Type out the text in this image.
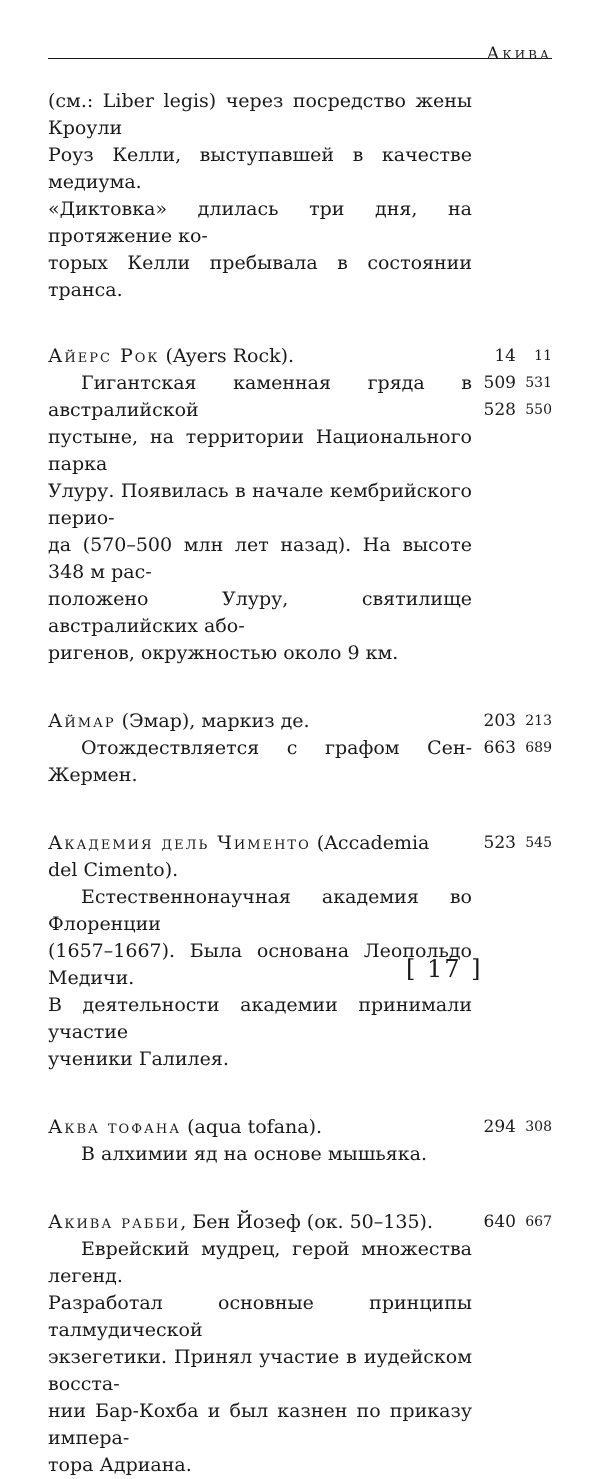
Акива

(см.: Liber legis) через посредство жены Кроули

Роуз Келли, выступавшей в качестве медиума.

«Диктовка» длилась три дня, на протяжение ко-

торых Келли пребывала в состоянии транса.

Айерс Рок (Ayers Rock).

Гигантская каменная гряда в австралийской

пустыне, на территории Национального парка

Улуру. Появилась в начале кембрийского перио-

да (570–500 млн лет назад). На высоте 348 м рас-

положено Улуру, святилище австралийских або-

ригенов, окружностью около 9 км.

14	11
509 531
528 550

Аймар (Эмар), маркиз де.

Отождествляется с графом Сен-Жермен.

203 213
663 689

Академия дель Чименто (Accademia

del Cimento).

Естественнонаучная академия во Флоренции

(1657–1667). Была основана Леопольдо Медичи.

В деятельности академии принимали участие

ученики Галилея.

523 545

Аква тофана (aqua tofana).

В алхимии яд на основе мышьяка.

294 308

Акива рабби, Бен Йозеф (ок. 50–135).

Еврейский мудрец, герой множества легенд.

Разработал основные принципы талмудической

экзегетики. Принял участие в иудейском восста-

нии Бар-Кохба и был казнен по приказу импера-

тора Адриана.

640 667
[ 17 ]
